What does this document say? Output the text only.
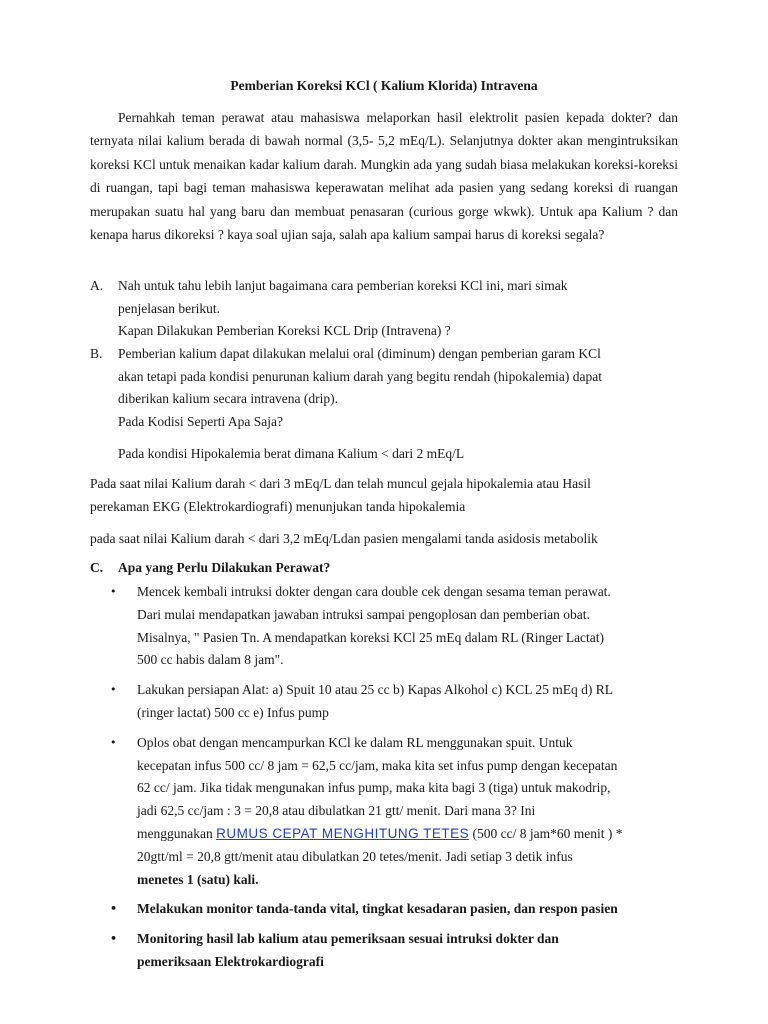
Pemberian Koreksi KCl ( Kalium Klorida) Intravena

Pernahkah teman perawat atau mahasiswa melaporkan hasil elektrolit pasien kepada dokter? dan ternyata nilai kalium berada di bawah normal (3,5- 5,2 mEq/L). Selanjutnya dokter akan mengintruksikan koreksi KCl untuk menaikan kadar kalium darah. Mungkin ada yang sudah biasa melakukan koreksi-koreksi di ruangan, tapi bagi teman mahasiswa keperawatan melihat ada pasien yang sedang koreksi di ruangan merupakan suatu hal yang baru dan membuat penasaran (curious gorge wkwk). Untuk apa Kalium ? dan kenapa harus dikoreksi ? kaya soal ujian saja, salah apa kalium sampai harus di koreksi segala?

A. Nah untuk tahu lebih lanjut bagaimana cara pemberian koreksi KCl ini, mari simak
penjelasan berikut.
Kapan Dilakukan Pemberian Koreksi KCL Drip (Intravena) ?
B. Pemberian kalium dapat dilakukan melalui oral (diminum) dengan pemberian garam KCl
akan tetapi pada kondisi penurunan kalium darah yang begitu rendah (hipokalemia) dapat
diberikan kalium secara intravena (drip).
Pada Kodisi Seperti Apa Saja?
Pada kondisi Hipokalemia berat dimana Kalium < dari 2 mEq/L
Pada saat nilai Kalium darah < dari 3 mEq/L dan telah muncul gejala hipokalemia atau Hasil
perekaman EKG (Elektrokardiografi) menunjukan tanda hipokalemia
pada saat nilai Kalium darah < dari 3,2 mEq/Ldan pasien mengalami tanda asidosis metabolik
C. Apa yang Perlu Dilakukan Perawat?
• Mencek kembali intruksi dokter dengan cara double cek dengan sesama teman perawat.
Dari mulai mendapatkan jawaban intruksi sampai pengoplosan dan pemberian obat.
Misalnya, " Pasien Tn. A mendapatkan koreksi KCl 25 mEq dalam RL (Ringer Lactat)
500 cc habis dalam 8 jam".
• Lakukan persiapan Alat: a) Spuit 10 atau 25 cc b) Kapas Alkohol c) KCL 25 mEq d) RL
(ringer lactat) 500 cc e) Infus pump
• Oplos obat dengan mencampurkan KCl ke dalam RL menggunakan spuit. Untuk
kecepatan infus 500 cc/ 8 jam = 62,5 cc/jam, maka kita set infus pump dengan kecepatan
62 cc/ jam. Jika tidak mengunakan infus pump, maka kita bagi 3 (tiga) untuk makodrip,
jadi 62,5 cc/jam : 3 = 20,8 atau dibulatkan 21 gtt/ menit. Dari mana 3? Ini
menggunakan RUMUS CEPAT MENGHITUNG TETES (500 cc/ 8 jam*60 menit ) *
20gtt/ml = 20,8 gtt/menit atau dibulatkan 20 tetes/menit. Jadi setiap 3 detik infus
menetes 1 (satu) kali.
• Melakukan monitor tanda-tanda vital, tingkat kesadaran pasien, dan respon pasien
• Monitoring hasil lab kalium atau pemeriksaan sesuai intruksi dokter dan
pemeriksaan Elektrokardiografi
